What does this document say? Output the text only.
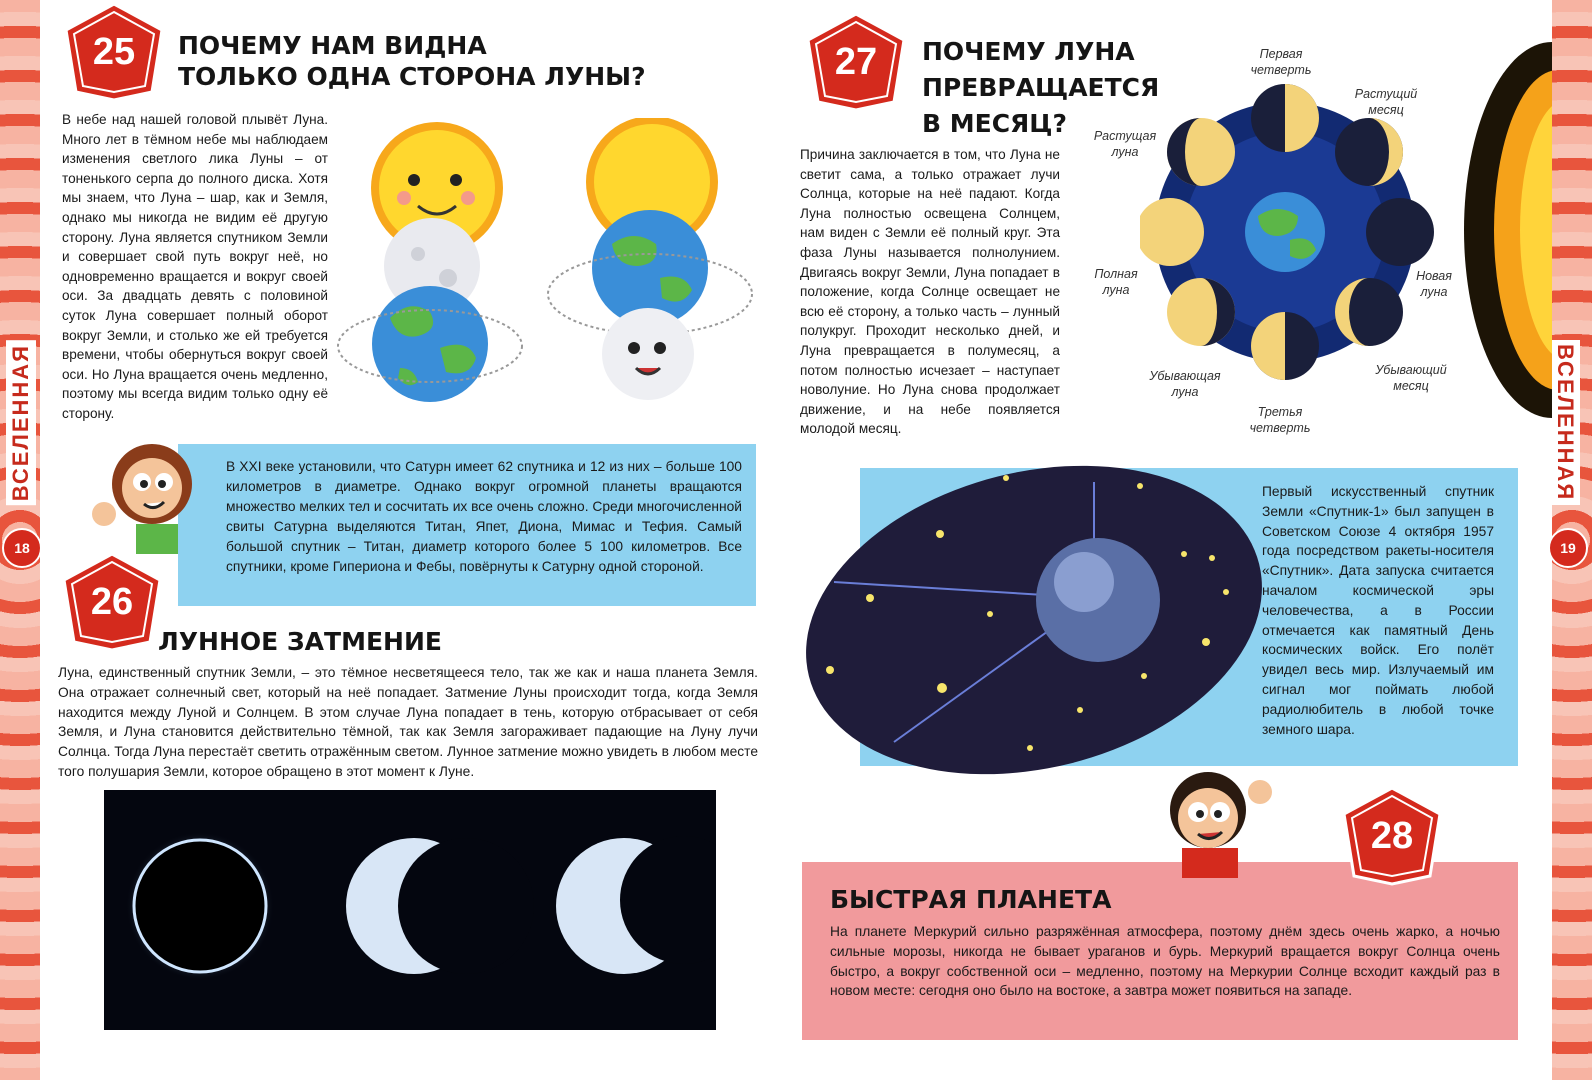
ВСЕЛЕННАЯ	ВСЕЛЕННАЯ
18	19
25 ПОЧЕМУ НАМ ВИДНА
ТОЛЬКО ОДНА СТОРОНА ЛУНЫ?
В небе над нашей головой плывёт Луна. Много лет в тёмном небе мы наблюдаем изменения светлого лика Луны – от тоненького серпа до полного диска. Хотя мы знаем, что Луна – шар, как и Земля, однако мы никогда не видим её другую сторону. Луна является спутником Земли и совершает свой путь вокруг неё, но одновременно вращается и вокруг своей оси. За двадцать девять с половиной суток Луна совершает полный оборот вокруг Земли, и столько же ей требуется времени, чтобы обернуться вокруг своей оси. Но Луна вращается очень медленно, поэтому мы всегда видим только одну её сторону.
В XXI веке установили, что Сатурн имеет 62 спутника и 12 из них – больше 100 километров в диаметре. Однако вокруг огромной планеты вращаются множество мелких тел и сосчитать их все очень сложно. Среди многочисленной свиты Сатурна выделяются Титан, Япет, Диона, Мимас и Тефия. Самый большой спутник – Титан, диаметр которого более 5 100 километров. Все спутники, кроме Гипериона и Фебы, повёрнуты к Сатурну одной стороной.
26
ЛУННОЕ ЗАТМЕНИЕ
Луна, единственный спутник Земли, – это тёмное несветящееся тело, так же как и наша планета Земля. Она отражает солнечный свет, который на неё попадает. Затмение Луны происходит тогда, когда Земля находится между Луной и Солнцем. В этом случае Луна попадает в тень, которую отбрасывает от себя Земля, и Луна становится действительно тёмной, так как Земля загораживает падающие на Луну лучи Солнца. Тогда Луна перестаёт светить отражённым светом. Лунное затмение можно увидеть в любом месте того полушария Земли, которое обращено в этот момент к Луне.
27 ПОЧЕМУ ЛУНА
ПРЕВРАЩАЕТСЯ
В МЕСЯЦ?
Причина заключается в том, что Луна не светит сама, а только отражает лучи Солнца, которые на неё падают. Когда Луна полностью освещена Солнцем, нам виден с Земли её полный круг. Эта фаза Луны называется полнолунием. Двигаясь вокруг Земли, Луна попадает в положение, когда Солнце освещает не всю её сторону, а только часть – лунный полукруг. Проходит несколько дней, и Луна превращается в полумесяц, а потом полностью исчезает – наступает новолуние. Но Луна снова продолжает движение, и на небе появляется молодой месяц.
Первая четверть
Растущий месяц
Растущая луна
Полная луна
Новая луна
Убывающая луна
Третья четверть
Убывающий месяц
Первый искусственный спутник Земли «Спутник-1» был запущен в Советском Союзе 4 октября 1957 года посредством ракеты-носителя «Спутник». Дата запуска считается началом космической эры человечества, а в России отмечается как памятный День космических войск. Его полёт увидел весь мир. Излучаемый им сигнал мог поймать любой радиолюбитель в любой точке земного шара.
28
БЫСТРАЯ ПЛАНЕТА
На планете Меркурий сильно разряжённая атмосфера, поэтому днём здесь очень жарко, а ночью сильные морозы, никогда не бывает ураганов и бурь. Меркурий вращается вокруг Солнца очень быстро, а вокруг собственной оси – медленно, поэтому на Меркурии Солнце всходит каждый раз в новом месте: сегодня оно было на востоке, а завтра может появиться на западе.
